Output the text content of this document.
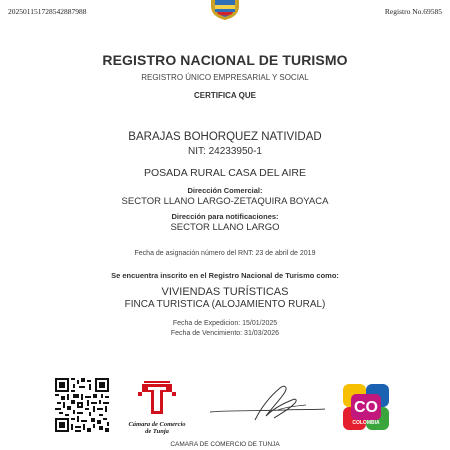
20250115172854288798​8	Registro No.69585
REGISTRO NACIONAL DE TURISMO
REGISTRO ÚNICO EMPRESARIAL Y SOCIAL
CERTIFICA QUE
BARAJAS BOHORQUEZ NATIVIDAD
NIT: 24233950-1
POSADA RURAL CASA DEL AIRE
Dirección Comercial:
SECTOR LLANO LARGO-ZETAQUIRA BOYACA
Dirección para notificaciones:
SECTOR LLANO LARGO
Fecha de asignación número del RNT: 23 de abril de 2019
Se encuentra inscrito en el Registro Nacional de Turismo como:
VIVIENDAS TURÍSTICAS
FINCA TURISTICA (ALOJAMIENTO RURAL)
Fecha de Expedicion: 15/01/2025
Fecha de Vencimiento: 31/03/2026
Cámara de Comercio
de Tunja
CO
COLOMBIA
CAMARA DE COMERCIO DE TUNJA
